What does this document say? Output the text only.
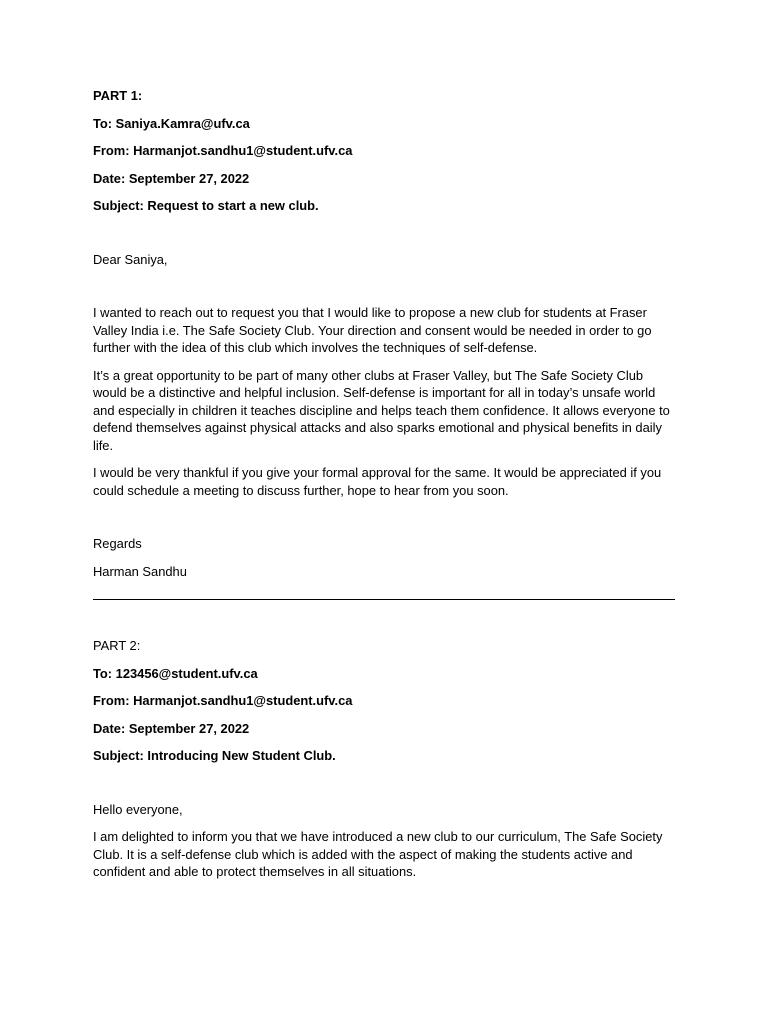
PART 1:

To: Saniya.Kamra@ufv.ca

From: Harmanjot.sandhu1@student.ufv.ca

Date: September 27, 2022

Subject: Request to start a new club.

Dear Saniya,

I wanted to reach out to request you that I would like to propose a new club for students at Fraser Valley India i.e. The Safe Society Club. Your direction and consent would be needed in order to go further with the idea of this club which involves the techniques of self-defense.

It’s a great opportunity to be part of many other clubs at Fraser Valley, but The Safe Society Club would be a distinctive and helpful inclusion. Self-defense is important for all in today’s unsafe world and especially in children it teaches discipline and helps teach them confidence. It allows everyone to defend themselves against physical attacks and also sparks emotional and physical benefits in daily life.

I would be very thankful if you give your formal approval for the same. It would be appreciated if you could schedule a meeting to discuss further, hope to hear from you soon.

Regards

Harman Sandhu

PART 2:

To: 123456@student.ufv.ca

From: Harmanjot.sandhu1@student.ufv.ca

Date: September 27, 2022

Subject: Introducing New Student Club.

Hello everyone,

I am delighted to inform you that we have introduced a new club to our curriculum, The Safe Society Club. It is a self-defense club which is added with the aspect of making the students active and confident and able to protect themselves in all situations.
